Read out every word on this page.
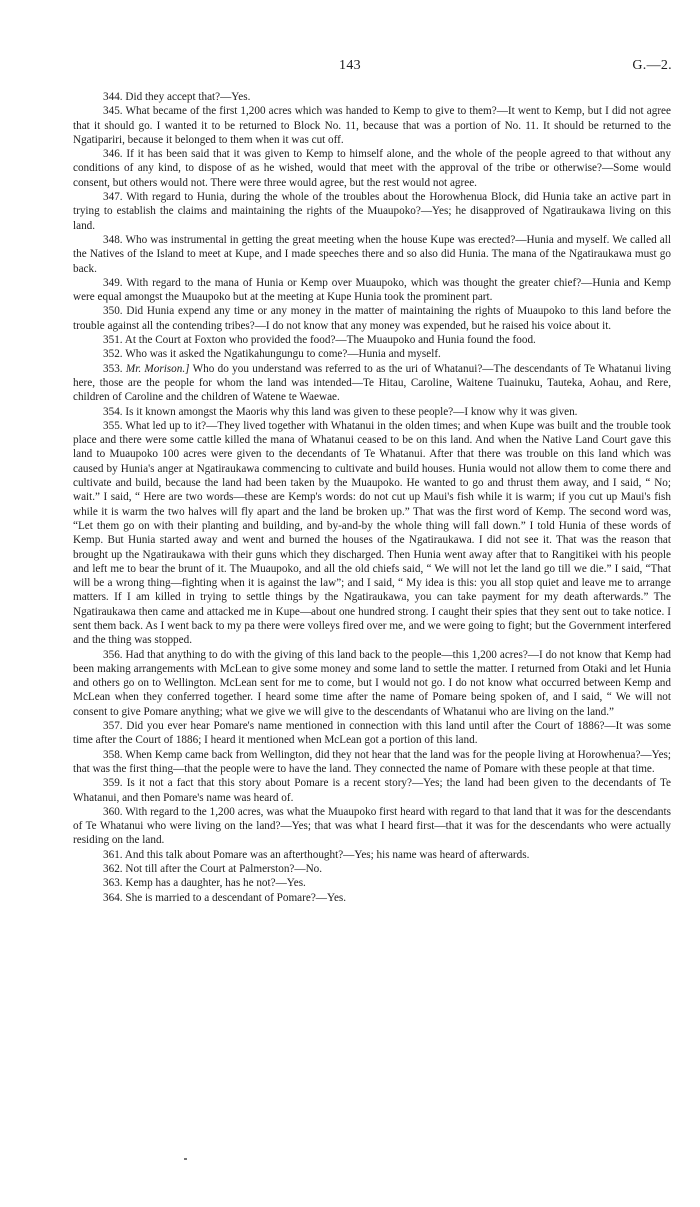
143	G.—2.

344. Did they accept that?—Yes.

345. What became of the first 1,200 acres which was handed to Kemp to give to them?—It went to Kemp, but I did not agree that it should go. I wanted it to be returned to Block No. 11, because that was a portion of No. 11. It should be returned to the Ngatipariri, because it belonged to them when it was cut off.

346. If it has been said that it was given to Kemp to himself alone, and the whole of the people agreed to that without any conditions of any kind, to dispose of as he wished, would that meet with the approval of the tribe or otherwise?—Some would consent, but others would not. There were three would agree, but the rest would not agree.

347. With regard to Hunia, during the whole of the troubles about the Horowhenua Block, did Hunia take an active part in trying to establish the claims and maintaining the rights of the Muaupoko?—Yes; he disapproved of Ngatiraukawa living on this land.

348. Who was instrumental in getting the great meeting when the house Kupe was erected?—Hunia and myself. We called all the Natives of the Island to meet at Kupe, and I made speeches there and so also did Hunia. The mana of the Ngatiraukawa must go back.

349. With regard to the mana of Hunia or Kemp over Muaupoko, which was thought the greater chief?—Hunia and Kemp were equal amongst the Muaupoko but at the meeting at Kupe Hunia took the prominent part.

350. Did Hunia expend any time or any money in the matter of maintaining the rights of Muaupoko to this land before the trouble against all the contending tribes?—I do not know that any money was expended, but he raised his voice about it.

351. At the Court at Foxton who provided the food?—The Muaupoko and Hunia found the food.

352. Who was it asked the Ngatikahungungu to come?—Hunia and myself.

353. Mr. Morison.] Who do you understand was referred to as the uri of Whatanui?—The descendants of Te Whatanui living here, those are the people for whom the land was intended—Te Hitau, Caroline, Waitene Tuainuku, Tauteka, Aohau, and Rere, children of Caroline and the children of Watene te Waewae.

354. Is it known amongst the Maoris why this land was given to these people?—I know why it was given.

355. What led up to it?—They lived together with Whatanui in the olden times; and when Kupe was built and the trouble took place and there were some cattle killed the mana of Whatanui ceased to be on this land. And when the Native Land Court gave this land to Muaupoko 100 acres were given to the decendants of Te Whatanui. After that there was trouble on this land which was caused by Hunia's anger at Ngatiraukawa commencing to cultivate and build houses. Hunia would not allow them to come there and cultivate and build, because the land had been taken by the Muaupoko. He wanted to go and thrust them away, and I said, “ No; wait.” I said, “ Here are two words—these are Kemp's words: do not cut up Maui's fish while it is warm; if you cut up Maui's fish while it is warm the two halves will fly apart and the land be broken up.” That was the first word of Kemp. The second word was, “Let them go on with their planting and building, and by-and-by the whole thing will fall down.” I told Hunia of these words of Kemp. But Hunia started away and went and burned the houses of the Ngatiraukawa. I did not see it. That was the reason that brought up the Ngatiraukawa with their guns which they discharged. Then Hunia went away after that to Rangitikei with his people and left me to bear the brunt of it. The Muaupoko, and all the old chiefs said, “ We will not let the land go till we die.” I said, “That will be a wrong thing—fighting when it is against the law”; and I said, “ My idea is this: you all stop quiet and leave me to arrange matters. If I am killed in trying to settle things by the Ngatiraukawa, you can take payment for my death afterwards.” The Ngatiraukawa then came and attacked me in Kupe—about one hundred strong. I caught their spies that they sent out to take notice. I sent them back. As I went back to my pa there were volleys fired over me, and we were going to fight; but the Government interfered and the thing was stopped.

356. Had that anything to do with the giving of this land back to the people—this 1,200 acres?—I do not know that Kemp had been making arrangements with McLean to give some money and some land to settle the matter. I returned from Otaki and let Hunia and others go on to Wellington. McLean sent for me to come, but I would not go. I do not know what occurred between Kemp and McLean when they conferred together. I heard some time after the name of Pomare being spoken of, and I said, “ We will not consent to give Pomare anything; what we give we will give to the descendants of Whatanui who are living on the land.”

357. Did you ever hear Pomare's name mentioned in connection with this land until after the Court of 1886?—It was some time after the Court of 1886; I heard it mentioned when McLean got a portion of this land.

358. When Kemp came back from Wellington, did they not hear that the land was for the people living at Horowhenua?—Yes; that was the first thing—that the people were to have the land. They connected the name of Pomare with these people at that time.

359. Is it not a fact that this story about Pomare is a recent story?—Yes; the land had been given to the decendants of Te Whatanui, and then Pomare's name was heard of.

360. With regard to the 1,200 acres, was what the Muaupoko first heard with regard to that land that it was for the descendants of Te Whatanui who were living on the land?—Yes; that was what I heard first—that it was for the descendants who were actually residing on the land.

361. And this talk about Pomare was an afterthought?—Yes; his name was heard of afterwards.

362. Not till after the Court at Palmerston?—No.

363. Kemp has a daughter, has he not?—Yes.

364. She is married to a descendant of Pomare?—Yes.
